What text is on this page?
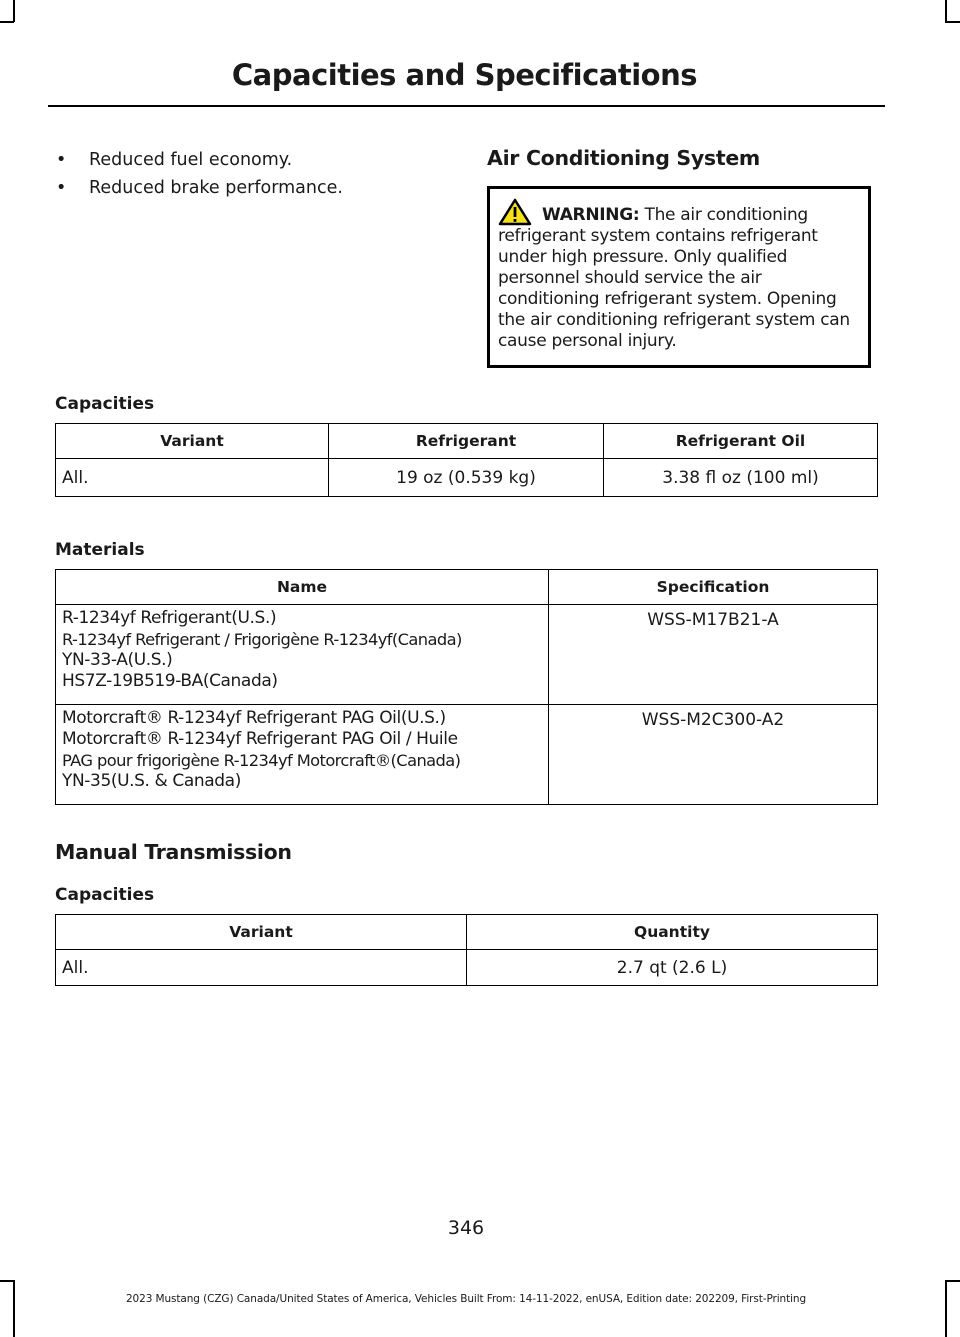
Capacities and Specifications
• Reduced fuel economy.
• Reduced brake performance.
Air Conditioning System
WARNING: The air conditioning refrigerant system contains refrigerant under high pressure. Only qualified personnel should service the air conditioning refrigerant system. Opening the air conditioning refrigerant system can cause personal injury.
Capacities
Variant	Refrigerant	Refrigerant Oil
All.	19 oz (0.539 kg)	3.38 fl oz (100 ml)
Materials
Name	Specification

R-1234yf Refrigerant(U.S.)
R-1234yf Refrigerant / Frigorigène R-1234yf(Canada)
YN-33-A(U.S.)
HS7Z-19B519-BA(Canada)	WSS-M17B21-A

Motorcraft® R-1234yf Refrigerant PAG Oil(U.S.)
Motorcraft® R-1234yf Refrigerant PAG Oil / Huile
PAG pour frigorigène R-1234yf Motorcraft®(Canada)
YN-35(U.S. & Canada)	WSS-M2C300-A2
Manual Transmission
Capacities
Variant	Quantity
All.	2.7 qt (2.6 L)

346

2023 Mustang (CZG) Canada/United States of America, Vehicles Built From: 14-11-2022, enUSA, Edition date: 202209, First-Printing
